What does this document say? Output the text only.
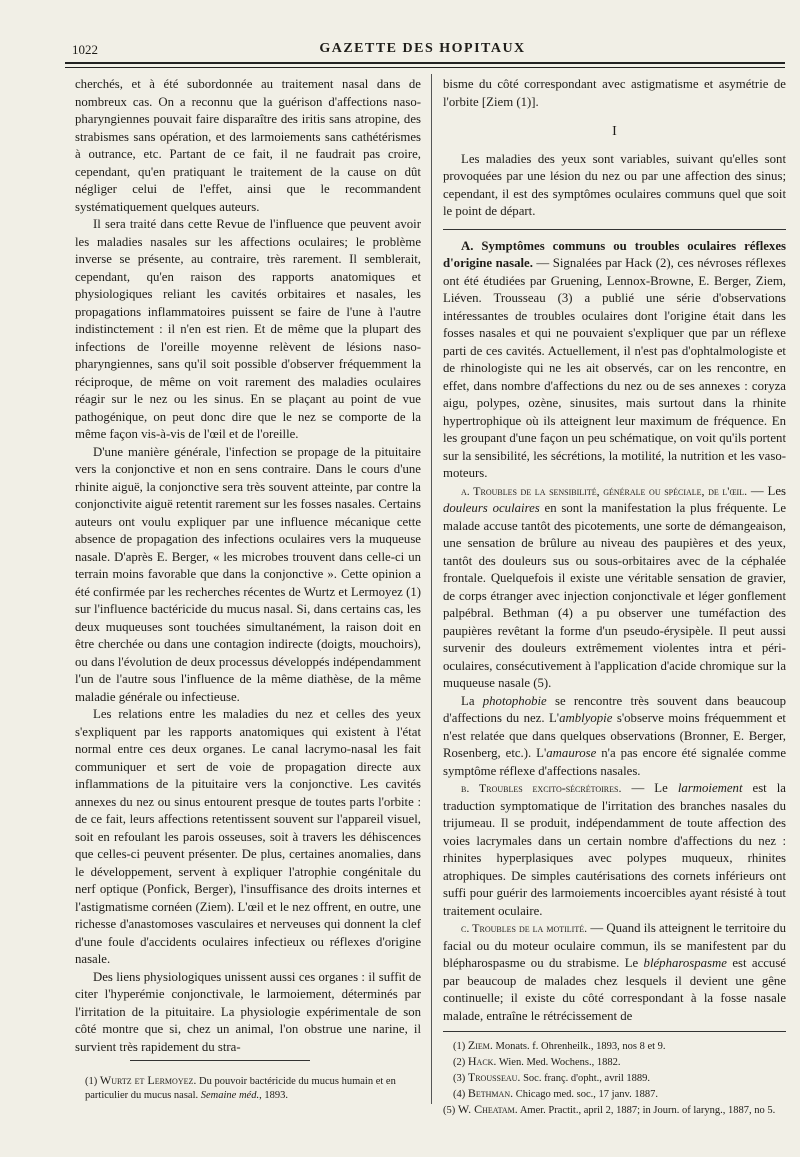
1022	GAZETTE DES HOPITAUX

cherchés, et à été subordonnée au traitement nasal dans de nombreux cas. On a reconnu que la guérison d'affections naso-pharyngiennes pouvait faire disparaître des iritis sans atropine, des strabismes sans opération, et des larmoiements sans cathétérismes à outrance, etc. Partant de ce fait, il ne faudrait pas croire, cependant, qu'en pratiquant le traitement de la cause on dût négliger celui de l'effet, ainsi que le recommandent systématiquement quelques auteurs.

Il sera traité dans cette Revue de l'influence que peuvent avoir les maladies nasales sur les affections oculaires; le problème inverse se présente, au contraire, très rarement. Il semblerait, cependant, qu'en raison des rapports anatomiques et physiologiques reliant les cavités orbitaires et nasales, les propagations inflammatoires puissent se faire de l'une à l'autre indistinctement : il n'en est rien. Et de même que la plupart des infections de l'oreille moyenne relèvent de lésions naso-pharyngiennes, sans qu'il soit possible d'observer fréquemment la réciproque, de même on voit rarement des maladies oculaires réagir sur le nez ou les sinus. En se plaçant au point de vue pathogénique, on peut donc dire que le nez se comporte de la même façon vis-à-vis de l'œil et de l'oreille.

D'une manière générale, l'infection se propage de la pituitaire vers la conjonctive et non en sens contraire. Dans le cours d'une rhinite aiguë, la conjonctive sera très souvent atteinte, par contre la conjonctivite aiguë retentit rarement sur les fosses nasales. Certains auteurs ont voulu expliquer par une influence mécanique cette absence de propagation des infections oculaires vers la muqueuse nasale. D'après E. Berger, « les microbes trouvent dans celle-ci un terrain moins favorable que dans la conjonctive ». Cette opinion a été confirmée par les recherches récentes de Wurtz et Lermoyez (1) sur l'influence bactéricide du mucus nasal. Si, dans certains cas, les deux muqueuses sont touchées simultanément, la raison doit en être cherchée ou dans une contagion indirecte (doigts, mouchoirs), ou dans l'évolution de deux processus développés indépendamment l'un de l'autre sous l'influence de la même diathèse, de la même maladie générale ou infectieuse.

Les relations entre les maladies du nez et celles des yeux s'expliquent par les rapports anatomiques qui existent à l'état normal entre ces deux organes. Le canal lacrymo-nasal les fait communiquer et sert de voie de propagation directe aux inflammations de la pituitaire vers la conjonctive. Les cavités annexes du nez ou sinus entourent presque de toutes parts l'orbite : de ce fait, leurs affections retentissent souvent sur l'appareil visuel, soit en refoulant les parois osseuses, soit à travers les déhiscences que celles-ci peuvent présenter. De plus, certaines anomalies, dans le développement, servent à expliquer l'atrophie congénitale du nerf optique (Ponfick, Berger), l'insuffisance des droits internes et l'astigmatisme cornéen (Ziem). L'œil et le nez offrent, en outre, une richesse d'anastomoses vasculaires et nerveuses qui donnent la clef d'une foule d'accidents oculaires infectieux ou réflexes d'origine nasale.

Des liens physiologiques unissent aussi ces organes : il suffit de citer l'hyperémie conjonctivale, le larmoiement, déterminés par l'irritation de la pituitaire. La physiologie expérimentale de son côté montre que si, chez un animal, l'on obstrue une narine, il survient très rapidement du stra-

(1) Wurtz et Lermoyez. Du pouvoir bactéricide du mucus humain et en particulier du mucus nasal. Semaine méd., 1893.

bisme du côté correspondant avec astigmatisme et asymétrie de l'orbite [Ziem (1)].

I

Les maladies des yeux sont variables, suivant qu'elles sont provoquées par une lésion du nez ou par une affection des sinus; cependant, il est des symptômes oculaires communs quel que soit le point de départ.

A. Symptômes communs ou troubles oculaires réflexes d'origine nasale. — Signalées par Hack (2), ces névroses réflexes ont été étudiées par Gruening, Lennox-Browne, E. Berger, Ziem, Liéven. Trousseau (3) a publié une série d'observations intéressantes de troubles oculaires dont l'origine était dans les fosses nasales et qui ne pouvaient s'expliquer que par un réflexe parti de ces cavités. Actuellement, il n'est pas d'ophtalmologiste et de rhinologiste qui ne les ait observés, car on les rencontre, en effet, dans nombre d'affections du nez ou de ses annexes : coryza aigu, polypes, ozène, sinusites, mais surtout dans la rhinite hypertrophique où ils atteignent leur maximum de fréquence. En les groupant d'une façon un peu schématique, on voit qu'ils portent sur la sensibilité, les sécrétions, la motilité, la nutrition et les vaso-moteurs.

a. Troubles de la sensibilité, générale ou spéciale, de l'œil. — Les douleurs oculaires en sont la manifestation la plus fréquente. Le malade accuse tantôt des picotements, une sorte de démangeaison, une sensation de brûlure au niveau des paupières et des yeux, tantôt des douleurs sus ou sous-orbitaires avec de la céphalée frontale. Quelquefois il existe une véritable sensation de gravier, de corps étranger avec injection conjonctivale et léger gonflement palpébral. Bethman (4) a pu observer une tuméfaction des paupières revêtant la forme d'un pseudo-érysipèle. Il peut aussi survenir des douleurs extrêmement violentes intra et péri-oculaires, consécutivement à l'application d'acide chromique sur la muqueuse nasale (5).

La photophobie se rencontre très souvent dans beaucoup d'affections du nez. L'amblyopie s'observe moins fréquemment et n'est relatée que dans quelques observations (Bronner, E. Berger, Rosenberg, etc.). L'amaurose n'a pas encore été signalée comme symptôme réflexe d'affections nasales.

b. Troubles excito-sécrétoires. — Le larmoiement est la traduction symptomatique de l'irritation des branches nasales du trijumeau. Il se produit, indépendamment de toute affection des voies lacrymales dans un certain nombre d'affections du nez : rhinites hyperplasiques avec polypes muqueux, rhinites atrophiques. De simples cautérisations des cornets inférieurs ont suffi pour guérir des larmoiements incoercibles ayant résisté à tout traitement oculaire.

c. Troubles de la motilité. — Quand ils atteignent le territoire du facial ou du moteur oculaire commun, ils se manifestent par du blépharospasme ou du strabisme. Le blépharospasme est accusé par beaucoup de malades chez lesquels il devient une gêne continuelle; il existe du côté correspondant à la fosse nasale malade, entraîne le rétrécissement de

(1) Ziem. Monats. f. Ohrenheilk., 1893, nos 8 et 9.

(2) Hack. Wien. Med. Wochens., 1882.

(3) Trousseau. Soc. franç. d'opht., avril 1889.

(4) Bethman. Chicago med. soc., 17 janv. 1887.

(5) W. Cheatam. Amer. Practit., april 2, 1887; in Journ. of laryng., 1887, no 5.
